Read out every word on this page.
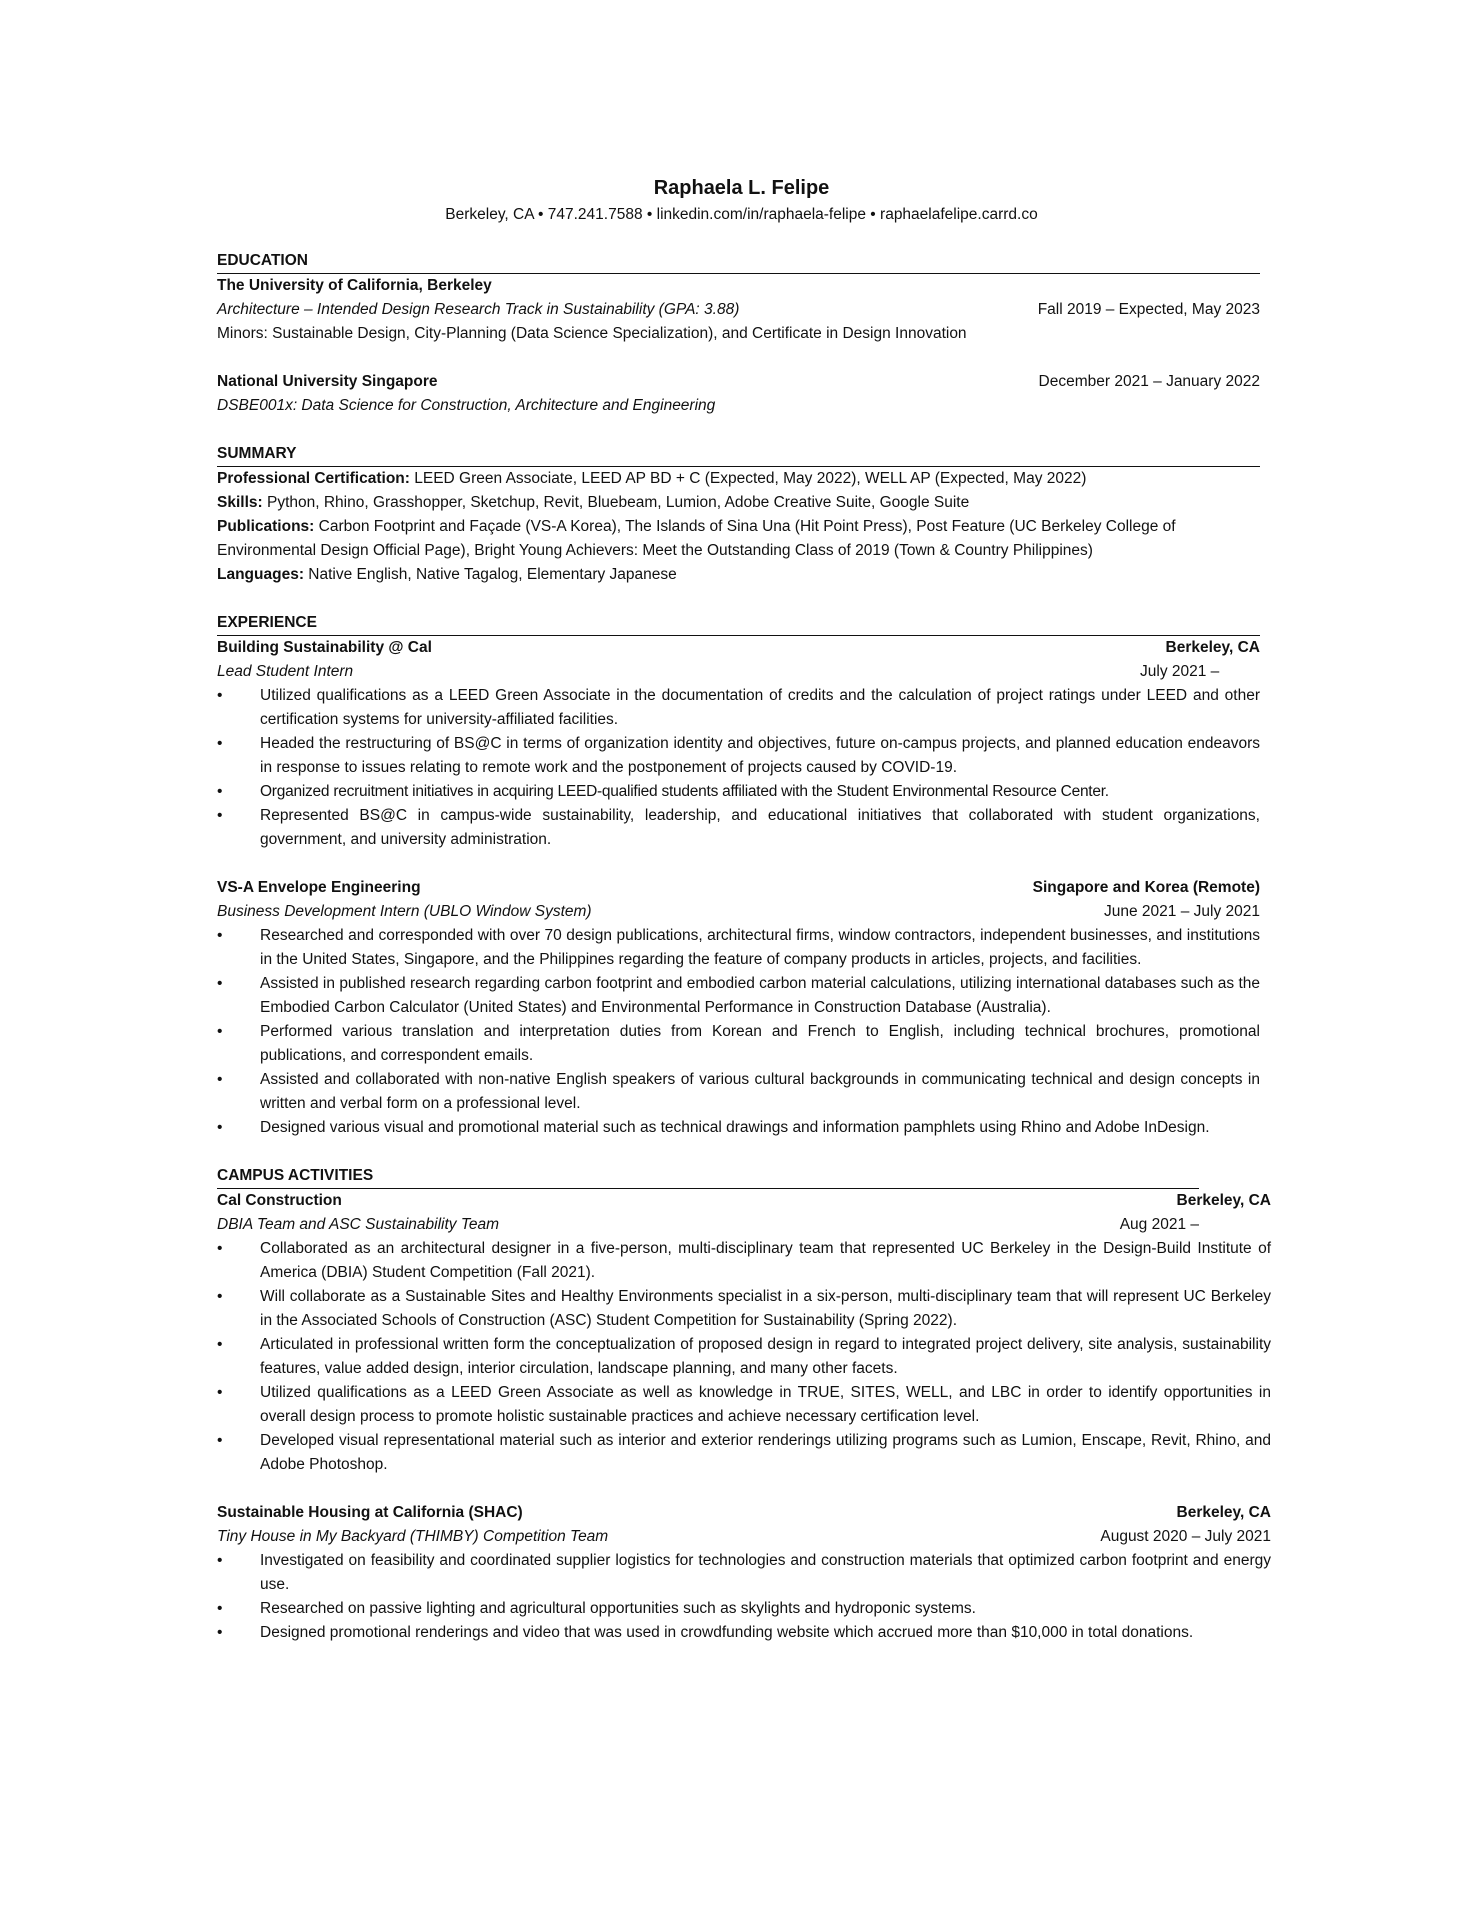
Raphaela L. Felipe
Berkeley, CA • 747.241.7588 • linkedin.com/in/raphaela-felipe • raphaelafelipe.carrd.co
EDUCATION
The University of California, Berkeley
Architecture – Intended Design Research Track in Sustainability (GPA: 3.88)	Fall 2019 – Expected, May 2023
Minors: Sustainable Design, City-Planning (Data Science Specialization), and Certificate in Design Innovation
National University Singapore	December 2021 – January 2022
DSBE001x: Data Science for Construction, Architecture and Engineering
SUMMARY
Professional Certification: LEED Green Associate, LEED AP BD + C (Expected, May 2022), WELL AP (Expected, May 2022)
Skills: Python, Rhino, Grasshopper, Sketchup, Revit, Bluebeam, Lumion, Adobe Creative Suite, Google Suite
Publications: Carbon Footprint and Façade (VS-A Korea), The Islands of Sina Una (Hit Point Press), Post Feature (UC Berkeley College of Environmental Design Official Page), Bright Young Achievers: Meet the Outstanding Class of 2019 (Town & Country Philippines)
Languages: Native English, Native Tagalog, Elementary Japanese
EXPERIENCE
Building Sustainability @ Cal	Berkeley, CA
Lead Student Intern	July 2021 –
• Utilized qualifications as a LEED Green Associate in the documentation of credits and the calculation of project ratings under LEED and other certification systems for university-affiliated facilities.
• Headed the restructuring of BS@C in terms of organization identity and objectives, future on-campus projects, and planned education endeavors in response to issues relating to remote work and the postponement of projects caused by COVID-19.
• Organized recruitment initiatives in acquiring LEED-qualified students affiliated with the Student Environmental Resource Center.
• Represented BS@C in campus-wide sustainability, leadership, and educational initiatives that collaborated with student organizations, government, and university administration.
VS-A Envelope Engineering	Singapore and Korea (Remote)
Business Development Intern (UBLO Window System)	June 2021 – July 2021
• Researched and corresponded with over 70 design publications, architectural firms, window contractors, independent businesses, and institutions in the United States, Singapore, and the Philippines regarding the feature of company products in articles, projects, and facilities.
• Assisted in published research regarding carbon footprint and embodied carbon material calculations, utilizing international databases such as the Embodied Carbon Calculator (United States) and Environmental Performance in Construction Database (Australia).
• Performed various translation and interpretation duties from Korean and French to English, including technical brochures, promotional publications, and correspondent emails.
• Assisted and collaborated with non-native English speakers of various cultural backgrounds in communicating technical and design concepts in written and verbal form on a professional level.
• Designed various visual and promotional material such as technical drawings and information pamphlets using Rhino and Adobe InDesign.
CAMPUS ACTIVITIES
Cal Construction	Berkeley, CA
DBIA Team and ASC Sustainability Team	Aug 2021 –
• Collaborated as an architectural designer in a five-person, multi-disciplinary team that represented UC Berkeley in the Design-Build Institute of America (DBIA) Student Competition (Fall 2021).
• Will collaborate as a Sustainable Sites and Healthy Environments specialist in a six-person, multi-disciplinary team that will represent UC Berkeley in the Associated Schools of Construction (ASC) Student Competition for Sustainability (Spring 2022).
• Articulated in professional written form the conceptualization of proposed design in regard to integrated project delivery, site analysis, sustainability features, value added design, interior circulation, landscape planning, and many other facets.
• Utilized qualifications as a LEED Green Associate as well as knowledge in TRUE, SITES, WELL, and LBC in order to identify opportunities in overall design process to promote holistic sustainable practices and achieve necessary certification level.
• Developed visual representational material such as interior and exterior renderings utilizing programs such as Lumion, Enscape, Revit, Rhino, and Adobe Photoshop.
Sustainable Housing at California (SHAC)	Berkeley, CA
Tiny House in My Backyard (THIMBY) Competition Team	August 2020 – July 2021
• Investigated on feasibility and coordinated supplier logistics for technologies and construction materials that optimized carbon footprint and energy use.
• Researched on passive lighting and agricultural opportunities such as skylights and hydroponic systems.
• Designed promotional renderings and video that was used in crowdfunding website which accrued more than $10,000 in total donations.
